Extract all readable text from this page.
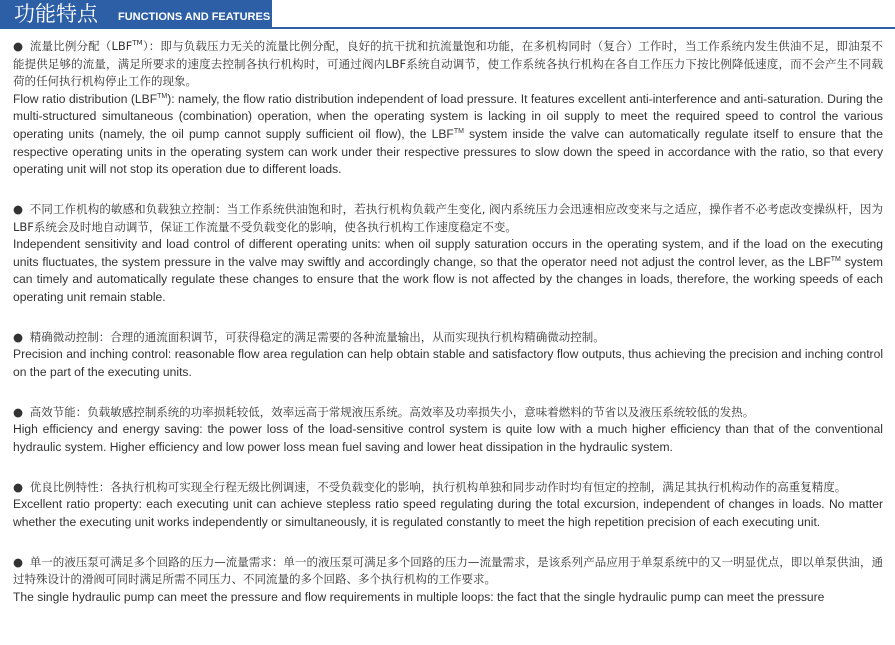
功能特点 FUNCTIONS AND FEATURES

● 流量比例分配（LBF™）：即与负载压力无关的流量比例分配，良好的抗干扰和抗流量饱和功能，在多机构同时（复合）工作时，当工作系统内发生供油不足，即油泵不能提供足够的流量，满足所要求的速度去控制各执行机构时，可通过阀内LBF系统自动调节，使工作系统各执行机构在各自工作压力下按比例降低速度，而不会产生不同载荷的任何执行机构停止工作的现象。

Flow ratio distribution (LBF™): namely, the flow ratio distribution independent of load pressure. It features excellent anti-interference and anti-saturation. During the multi-structured simultaneous (combination) operation, when the operating system is lacking in oil supply to meet the required speed to control the various operating units (namely, the oil pump cannot supply sufficient oil flow), the LBF™ system inside the valve can automatically regulate itself to ensure that the respective operating units in the operating system can work under their respective pressures to slow down the speed in accordance with the ratio, so that every operating unit will not stop its operation due to different loads.

● 不同工作机构的敏感和负载独立控制：当工作系统供油饱和时，若执行机构负载产生变化, 阀内系统压力会迅速相应改变来与之适应，操作者不必考虑改变操纵杆，因为LBF系统会及时地自动调节，保证工作流量不受负载变化的影响，使各执行机构工作速度稳定不变。

Independent sensitivity and load control of different operating units: when oil supply saturation occurs in the operating system, and if the load on the executing units fluctuates, the system pressure in the valve may swiftly and accordingly change, so that the operator need not adjust the control lever, as the LBF™ system can timely and automatically regulate these changes to ensure that the work flow is not affected by the changes in loads, therefore, the working speeds of each operating unit remain stable.

● 精确微动控制：合理的通流面积调节，可获得稳定的满足需要的各种流量输出，从而实现执行机构精确微动控制。

Precision and inching control: reasonable flow area regulation can help obtain stable and satisfactory flow outputs, thus achieving the precision and inching control on the part of the executing units.

● 高效节能：负载敏感控制系统的功率损耗较低，效率远高于常规液压系统。高效率及功率损失小，意味着燃料的节省以及液压系统较低的发热。

High efficiency and energy saving: the power loss of the load-sensitive control system is quite low with a much higher efficiency than that of the conventional hydraulic system. Higher efficiency and low power loss mean fuel saving and lower heat dissipation in the hydraulic system.

● 优良比例特性：各执行机构可实现全行程无级比例调速，不受负载变化的影响，执行机构单独和同步动作时均有恒定的控制，满足其执行机构动作的高重复精度。

Excellent ratio property: each executing unit can achieve stepless ratio speed regulating during the total excursion, independent of changes in loads. No matter whether the executing unit works independently or simultaneously, it is regulated constantly to meet the high repetition precision of each executing unit.

● 单一的液压泵可满足多个回路的压力—流量需求：单一的液压泵可满足多个回路的压力—流量需求，是该系列产品应用于单泵系统中的又一明显优点，即以单泵供油，通过特殊设计的滑阀可同时满足所需不同压力、不同流量的多个回路、多个执行机构的工作要求。

The single hydraulic pump can meet the pressure and flow requirements in multiple loops: the fact that the single hydraulic pump can meet the pressure
